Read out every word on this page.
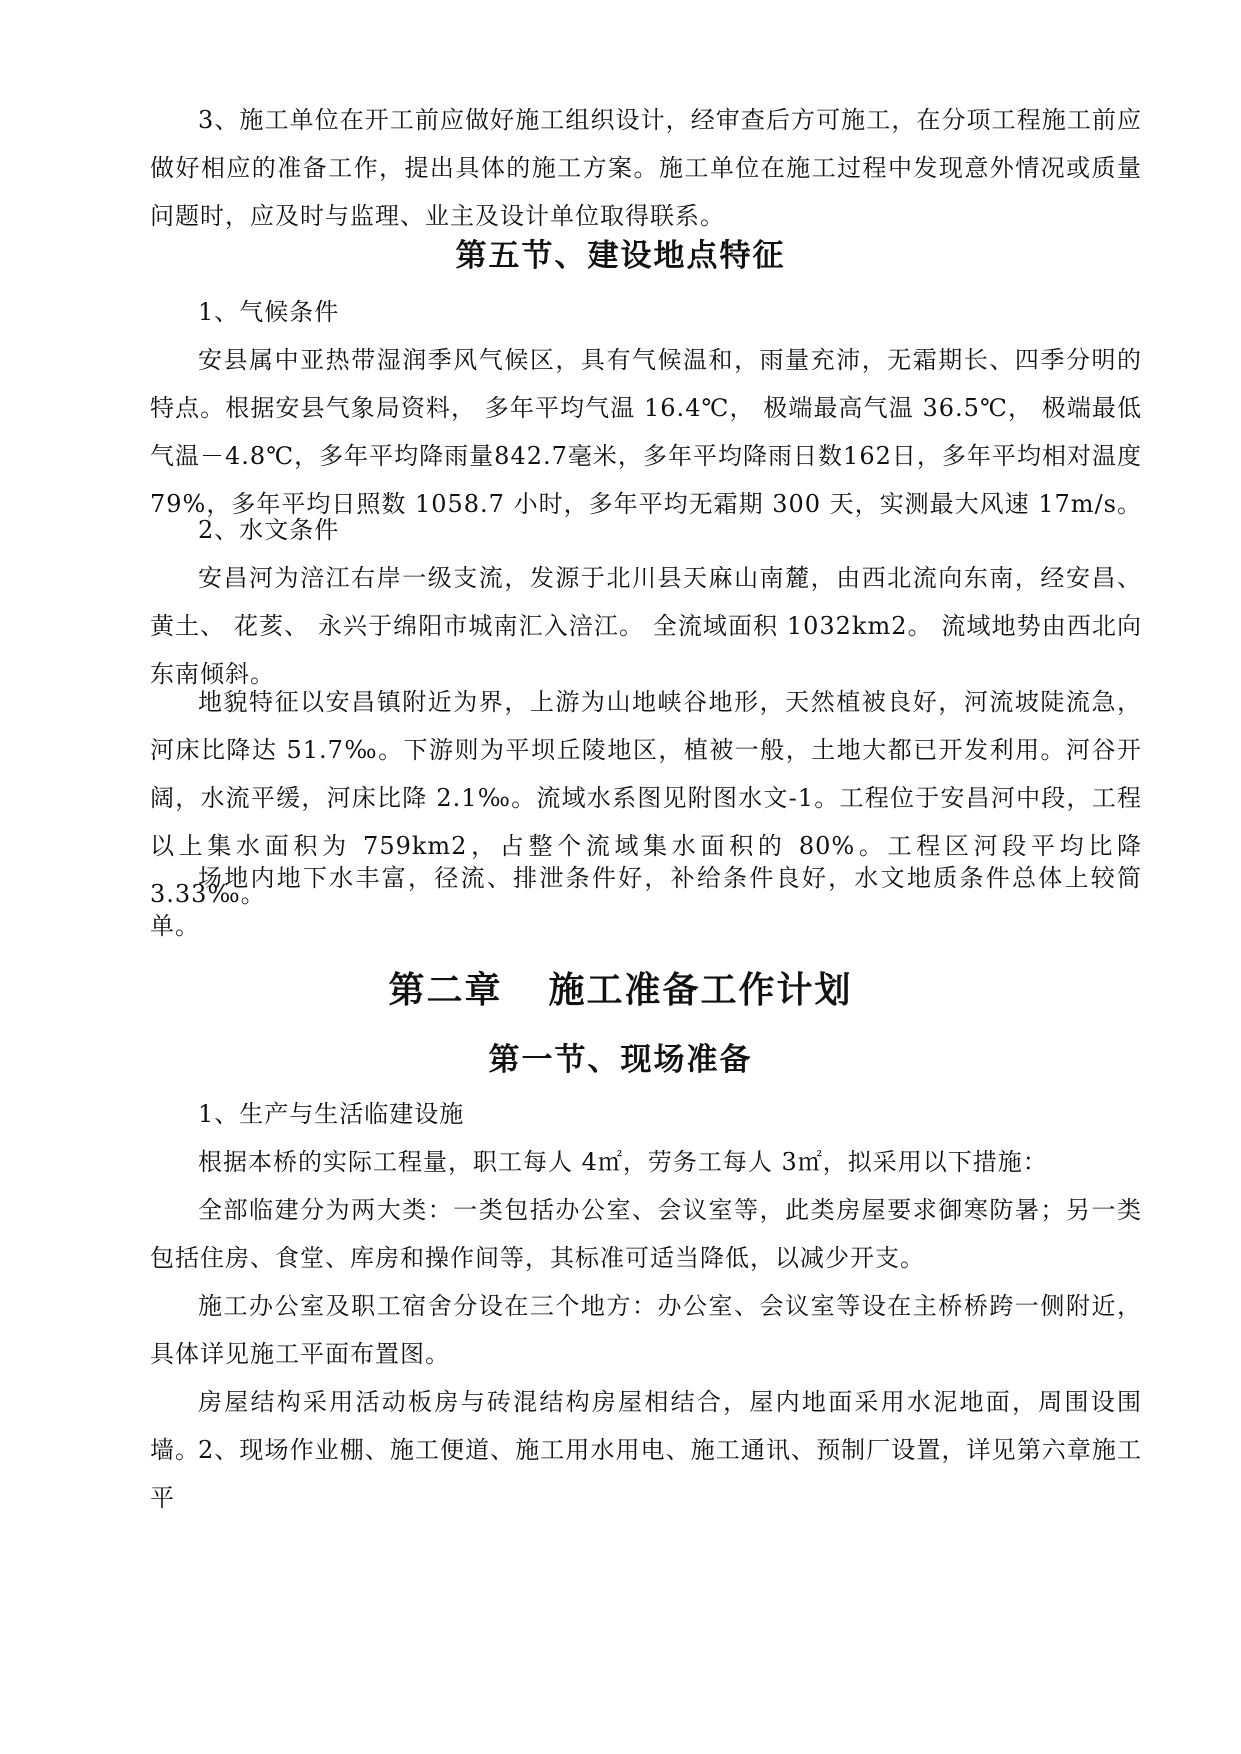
3、施工单位在开工前应做好施工组织设计，经审查后方可施工，在分项工程施工前应做好相应的准备工作，提出具体的施工方案。施工单位在施工过程中发现意外情况或质量问题时，应及时与监理、业主及设计单位取得联系。

第五节、建设地点特征

1、气候条件

安县属中亚热带湿润季风气候区，具有气候温和，雨量充沛，无霜期长、四季分明的特点。根据安县气象局资料， 多年平均气温 16.4℃， 极端最高气温 36.5℃， 极端最低气温－4.8℃，多年平均降雨量842.7毫米，多年平均降雨日数162日，多年平均相对温度79%，多年平均日照数 1058.7 小时，多年平均无霜期 300 天，实测最大风速 17m/s。

2、水文条件

安昌河为涪江右岸一级支流，发源于北川县天麻山南麓，由西北流向东南，经安昌、黄土、 花荄、 永兴于绵阳市城南汇入涪江。 全流域面积 1032km2。 流域地势由西北向东南倾斜。

地貌特征以安昌镇附近为界，上游为山地峡谷地形，天然植被良好，河流坡陡流急，河床比降达 51.7‰。下游则为平坝丘陵地区，植被一般，土地大都已开发利用。河谷开阔，水流平缓，河床比降 2.1‰。流域水系图见附图水文-1。工程位于安昌河中段，工程以上集水面积为 759km2，占整个流域集水面积的 80%。工程区河段平均比降 3.33‰。

场地内地下水丰富，径流、排泄条件好，补给条件良好，水文地质条件总体上较简单。

第二章 施工准备工作计划
第一节、现场准备

1、生产与生活临建设施

根据本桥的实际工程量，职工每人 4㎡，劳务工每人 3㎡，拟采用以下措施：

全部临建分为两大类：一类包括办公室、会议室等，此类房屋要求御寒防暑；另一类包括住房、食堂、库房和操作间等，其标准可适当降低，以减少开支。

施工办公室及职工宿舍分设在三个地方：办公室、会议室等设在主桥桥跨一侧附近，具体详见施工平面布置图。

房屋结构采用活动板房与砖混结构房屋相结合，屋内地面采用水泥地面，周围设围墙。

2、现场作业棚、施工便道、施工用水用电、施工通讯、预制厂设置，详见第六章施工平
